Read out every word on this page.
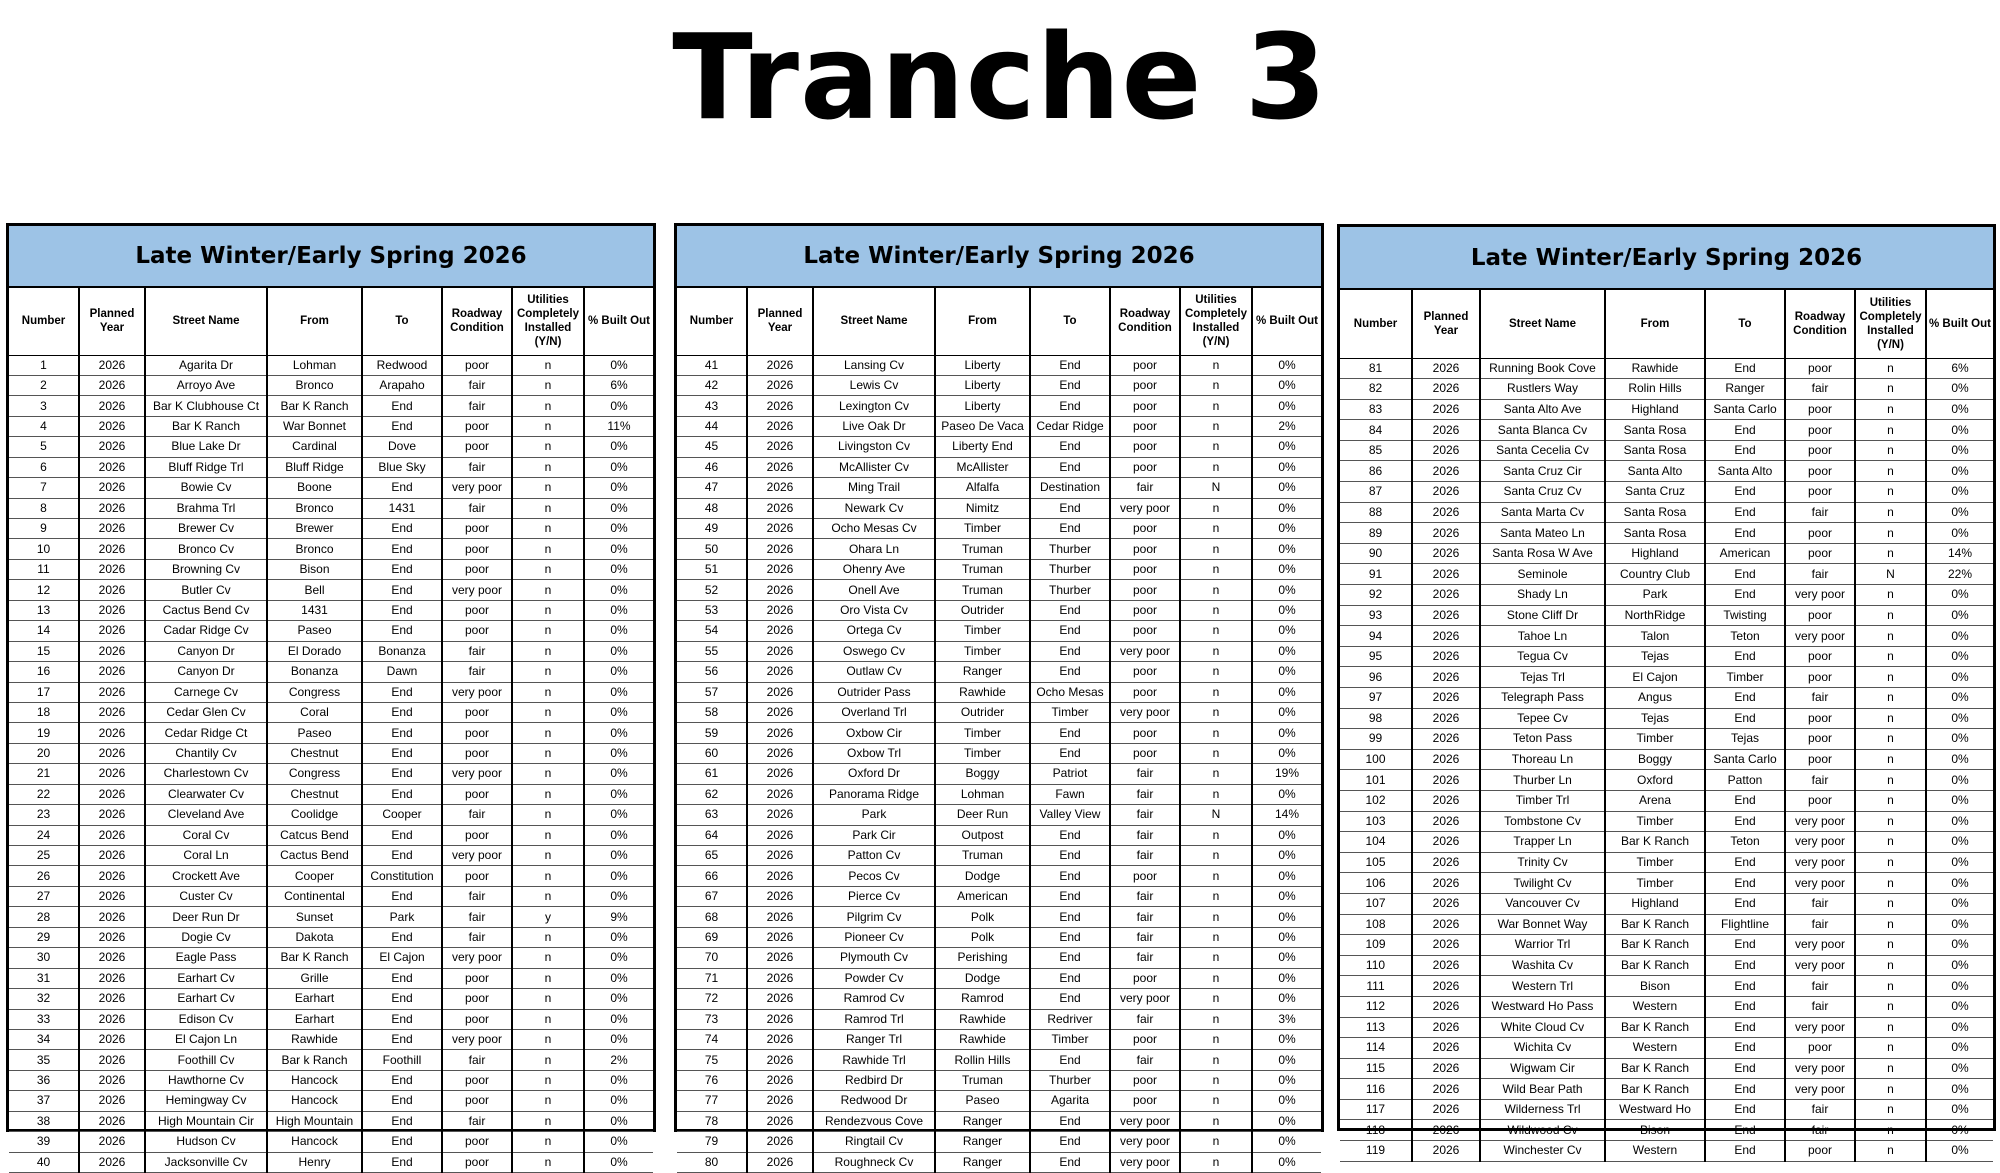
Tranche 3
Late Winter/Early Spring 2026
Number	Planned Year	Street Name	From	To	Roadway Condition	Utilities Completely Installed (Y/N)	% Built Out
1	2026	Agarita Dr	Lohman	Redwood	poor	n	0%
2	2026	Arroyo Ave	Bronco	Arapaho	fair	n	6%
3	2026	Bar K Clubhouse Ct	Bar K Ranch	End	fair	n	0%
4	2026	Bar K Ranch	War Bonnet	End	poor	n	11%
5	2026	Blue Lake Dr	Cardinal	Dove	poor	n	0%
6	2026	Bluff Ridge Trl	Bluff Ridge	Blue Sky	fair	n	0%
7	2026	Bowie Cv	Boone	End	very poor	n	0%
8	2026	Brahma Trl	Bronco	1431	fair	n	0%
9	2026	Brewer Cv	Brewer	End	poor	n	0%
10	2026	Bronco Cv	Bronco	End	poor	n	0%
11	2026	Browning Cv	Bison	End	poor	n	0%
12	2026	Butler Cv	Bell	End	very poor	n	0%
13	2026	Cactus Bend Cv	1431	End	poor	n	0%
14	2026	Cadar Ridge Cv	Paseo	End	poor	n	0%
15	2026	Canyon Dr	El Dorado	Bonanza	fair	n	0%
16	2026	Canyon Dr	Bonanza	Dawn	fair	n	0%
17	2026	Carnege Cv	Congress	End	very poor	n	0%
18	2026	Cedar Glen Cv	Coral	End	poor	n	0%
19	2026	Cedar Ridge Ct	Paseo	End	poor	n	0%
20	2026	Chantily Cv	Chestnut	End	poor	n	0%
21	2026	Charlestown Cv	Congress	End	very poor	n	0%
22	2026	Clearwater Cv	Chestnut	End	poor	n	0%
23	2026	Cleveland Ave	Coolidge	Cooper	fair	n	0%
24	2026	Coral Cv	Catcus Bend	End	poor	n	0%
25	2026	Coral Ln	Cactus Bend	End	very poor	n	0%
26	2026	Crockett Ave	Cooper	Constitution	poor	n	0%
27	2026	Custer Cv	Continental	End	fair	n	0%
28	2026	Deer Run Dr	Sunset	Park	fair	y	9%
29	2026	Dogie Cv	Dakota	End	fair	n	0%
30	2026	Eagle Pass	Bar K Ranch	El Cajon	very poor	n	0%
31	2026	Earhart Cv	Grille	End	poor	n	0%
32	2026	Earhart Cv	Earhart	End	poor	n	0%
33	2026	Edison Cv	Earhart	End	poor	n	0%
34	2026	El Cajon Ln	Rawhide	End	very poor	n	0%
35	2026	Foothill Cv	Bar k Ranch	Foothill	fair	n	2%
36	2026	Hawthorne Cv	Hancock	End	poor	n	0%
37	2026	Hemingway Cv	Hancock	End	poor	n	0%
38	2026	High Mountain Cir	High Mountain	End	fair	n	0%
39	2026	Hudson Cv	Hancock	End	poor	n	0%
40	2026	Jacksonville Cv	Henry	End	poor	n	0%
Late Winter/Early Spring 2026
Number	Planned Year	Street Name	From	To	Roadway Condition	Utilities Completely Installed (Y/N)	% Built Out
41	2026	Lansing Cv	Liberty	End	poor	n	0%
42	2026	Lewis Cv	Liberty	End	poor	n	0%
43	2026	Lexington Cv	Liberty	End	poor	n	0%
44	2026	Live Oak Dr	Paseo De Vaca	Cedar Ridge	poor	n	2%
45	2026	Livingston Cv	Liberty End	End	poor	n	0%
46	2026	McAllister Cv	McAllister	End	poor	n	0%
47	2026	Ming Trail	Alfalfa	Destination	fair	N	0%
48	2026	Newark Cv	Nimitz	End	very poor	n	0%
49	2026	Ocho Mesas Cv	Timber	End	poor	n	0%
50	2026	Ohara Ln	Truman	Thurber	poor	n	0%
51	2026	Ohenry Ave	Truman	Thurber	poor	n	0%
52	2026	Onell Ave	Truman	Thurber	poor	n	0%
53	2026	Oro Vista Cv	Outrider	End	poor	n	0%
54	2026	Ortega Cv	Timber	End	poor	n	0%
55	2026	Oswego Cv	Timber	End	very poor	n	0%
56	2026	Outlaw Cv	Ranger	End	poor	n	0%
57	2026	Outrider Pass	Rawhide	Ocho Mesas	poor	n	0%
58	2026	Overland Trl	Outrider	Timber	very poor	n	0%
59	2026	Oxbow Cir	Timber	End	poor	n	0%
60	2026	Oxbow Trl	Timber	End	poor	n	0%
61	2026	Oxford Dr	Boggy	Patriot	fair	n	19%
62	2026	Panorama Ridge	Lohman	Fawn	fair	n	0%
63	2026	Park	Deer Run	Valley View	fair	N	14%
64	2026	Park Cir	Outpost	End	fair	n	0%
65	2026	Patton Cv	Truman	End	fair	n	0%
66	2026	Pecos Cv	Dodge	End	poor	n	0%
67	2026	Pierce Cv	American	End	fair	n	0%
68	2026	Pilgrim Cv	Polk	End	fair	n	0%
69	2026	Pioneer Cv	Polk	End	fair	n	0%
70	2026	Plymouth Cv	Perishing	End	fair	n	0%
71	2026	Powder Cv	Dodge	End	poor	n	0%
72	2026	Ramrod Cv	Ramrod	End	very poor	n	0%
73	2026	Ramrod Trl	Rawhide	Redriver	fair	n	3%
74	2026	Ranger Trl	Rawhide	Timber	poor	n	0%
75	2026	Rawhide Trl	Rollin Hills	End	fair	n	0%
76	2026	Redbird Dr	Truman	Thurber	poor	n	0%
77	2026	Redwood Dr	Paseo	Agarita	poor	n	0%
78	2026	Rendezvous Cove	Ranger	End	very poor	n	0%
79	2026	Ringtail Cv	Ranger	End	very poor	n	0%
80	2026	Roughneck Cv	Ranger	End	very poor	n	0%
Late Winter/Early Spring 2026
Number	Planned Year	Street Name	From	To	Roadway Condition	Utilities Completely Installed (Y/N)	% Built Out
81	2026	Running Book Cove	Rawhide	End	poor	n	6%
82	2026	Rustlers Way	Rolin Hills	Ranger	fair	n	0%
83	2026	Santa Alto Ave	Highland	Santa Carlo	poor	n	0%
84	2026	Santa Blanca Cv	Santa Rosa	End	poor	n	0%
85	2026	Santa Cecelia Cv	Santa Rosa	End	poor	n	0%
86	2026	Santa Cruz Cir	Santa Alto	Santa Alto	poor	n	0%
87	2026	Santa Cruz Cv	Santa Cruz	End	poor	n	0%
88	2026	Santa Marta Cv	Santa Rosa	End	fair	n	0%
89	2026	Santa Mateo Ln	Santa Rosa	End	poor	n	0%
90	2026	Santa Rosa W Ave	Highland	American	poor	n	14%
91	2026	Seminole	Country Club	End	fair	N	22%
92	2026	Shady Ln	Park	End	very poor	n	0%
93	2026	Stone Cliff Dr	NorthRidge	Twisting	poor	n	0%
94	2026	Tahoe Ln	Talon	Teton	very poor	n	0%
95	2026	Tegua Cv	Tejas	End	poor	n	0%
96	2026	Tejas Trl	El Cajon	Timber	poor	n	0%
97	2026	Telegraph Pass	Angus	End	fair	n	0%
98	2026	Tepee Cv	Tejas	End	poor	n	0%
99	2026	Teton Pass	Timber	Tejas	poor	n	0%
100	2026	Thoreau Ln	Boggy	Santa Carlo	poor	n	0%
101	2026	Thurber Ln	Oxford	Patton	fair	n	0%
102	2026	Timber Trl	Arena	End	poor	n	0%
103	2026	Tombstone Cv	Timber	End	very poor	n	0%
104	2026	Trapper Ln	Bar K Ranch	Teton	very poor	n	0%
105	2026	Trinity Cv	Timber	End	very poor	n	0%
106	2026	Twilight Cv	Timber	End	very poor	n	0%
107	2026	Vancouver Cv	Highland	End	fair	n	0%
108	2026	War Bonnet Way	Bar K Ranch	Flightline	fair	n	0%
109	2026	Warrior Trl	Bar K Ranch	End	very poor	n	0%
110	2026	Washita Cv	Bar K Ranch	End	very poor	n	0%
111	2026	Western Trl	Bison	End	fair	n	0%
112	2026	Westward Ho Pass	Western	End	fair	n	0%
113	2026	White Cloud Cv	Bar K Ranch	End	very poor	n	0%
114	2026	Wichita Cv	Western	End	poor	n	0%
115	2026	Wigwam Cir	Bar K Ranch	End	very poor	n	0%
116	2026	Wild Bear Path	Bar K Ranch	End	very poor	n	0%
117	2026	Wilderness Trl	Westward Ho	End	fair	n	0%
118	2026	Wildwood Cv	Bison	End	fair	n	0%
119	2026	Winchester Cv	Western	End	poor	n	0%
